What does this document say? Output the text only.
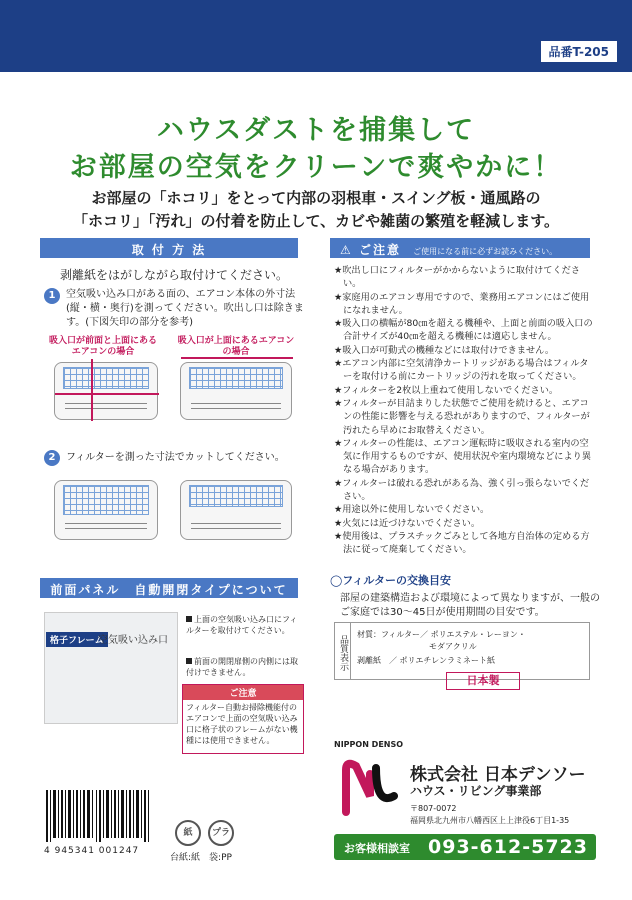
品番T-205
ハウスダストを捕集して
お部屋の空気をクリーンで爽やかに！
お部屋の「ホコリ」をとって内部の羽根車・スイング板・通風路の
「ホコリ」「汚れ」の付着を防止して、カビや雑菌の繁殖を軽減します。
取 付 方 法
剥離紙をはがしながら取付けてください。
1	空気吸い込み口がある面の、エアコン本体の外寸法(縦・横・奥行)を測ってください。吹出し口は除きます。(下図矢印の部分を参考)
吸入口が前面と上面にあるエアコンの場合
吸入口が上面にあるエアコンの場合
2	フィルターを測った寸法でカットしてください。
前面パネル　自動開閉タイプについて
格子フレーム
空気吸い込み口
上面の空気吸い込み口にフィルターを取付けてください。
前面の開閉扉側の内側には取付けできません。
ご注意
フィルター自動お掃除機能付のエアコンで上面の空気吸い込み口に格子状のフレームがない機種には使用できません。
4 945341 001247
紙	プラ
台紙:紙　袋:PP
⚠ ご注意 ご使用になる前に必ずお読みください。
★ 吹出し口にフィルターがかからないように取付けてください。
★ 家庭用のエアコン専用ですので、業務用エアコンにはご使用になれません。
★ 吸入口の横幅が80㎝を超える機種や、上面と前面の吸入口の合計サイズが40㎝を超える機種には適応しません。
★ 吸入口が可動式の機種などには取付けできません。
★ エアコン内部に空気清浄カートリッジがある場合はフィルターを取付ける前にカートリッジの汚れを取ってください。
★ フィルターを2枚以上重ねて使用しないでください。
★ フィルターが目詰まりした状態でご使用を続けると、エアコンの性能に影響を与える恐れがありますので、フィルターが汚れたら早めにお取替えください。
★ フィルターの性能は、エアコン運転時に吸収される室内の空気に作用するものですが、使用状況や室内環境などにより異なる場合があります。
★ フィルターは破れる恐れがある為、強く引っ張らないでください。
★ 用途以外に使用しないでください。
★ 火気には近づけないでください。
★ 使用後は、プラスチックごみとして各地方自治体の定める方法に従って廃棄してください。
◯フィルターの交換目安
部屋の建築構造および環境によって異なりますが、一般のご家庭では30～45日が使用期間の目安です。
品質表示	材質：フィルター／ ポリエステル・レーヨン・
モダアクリル
剥離紙　／ ポリエチレンラミネート紙
日本製
NIPPON DENSO
株式会社 日本デンソー
ハウス・リビング事業部
〒807-0072
福岡県北九州市八幡西区上上津役6丁目1-35
お客様相談室 093-612-5723
